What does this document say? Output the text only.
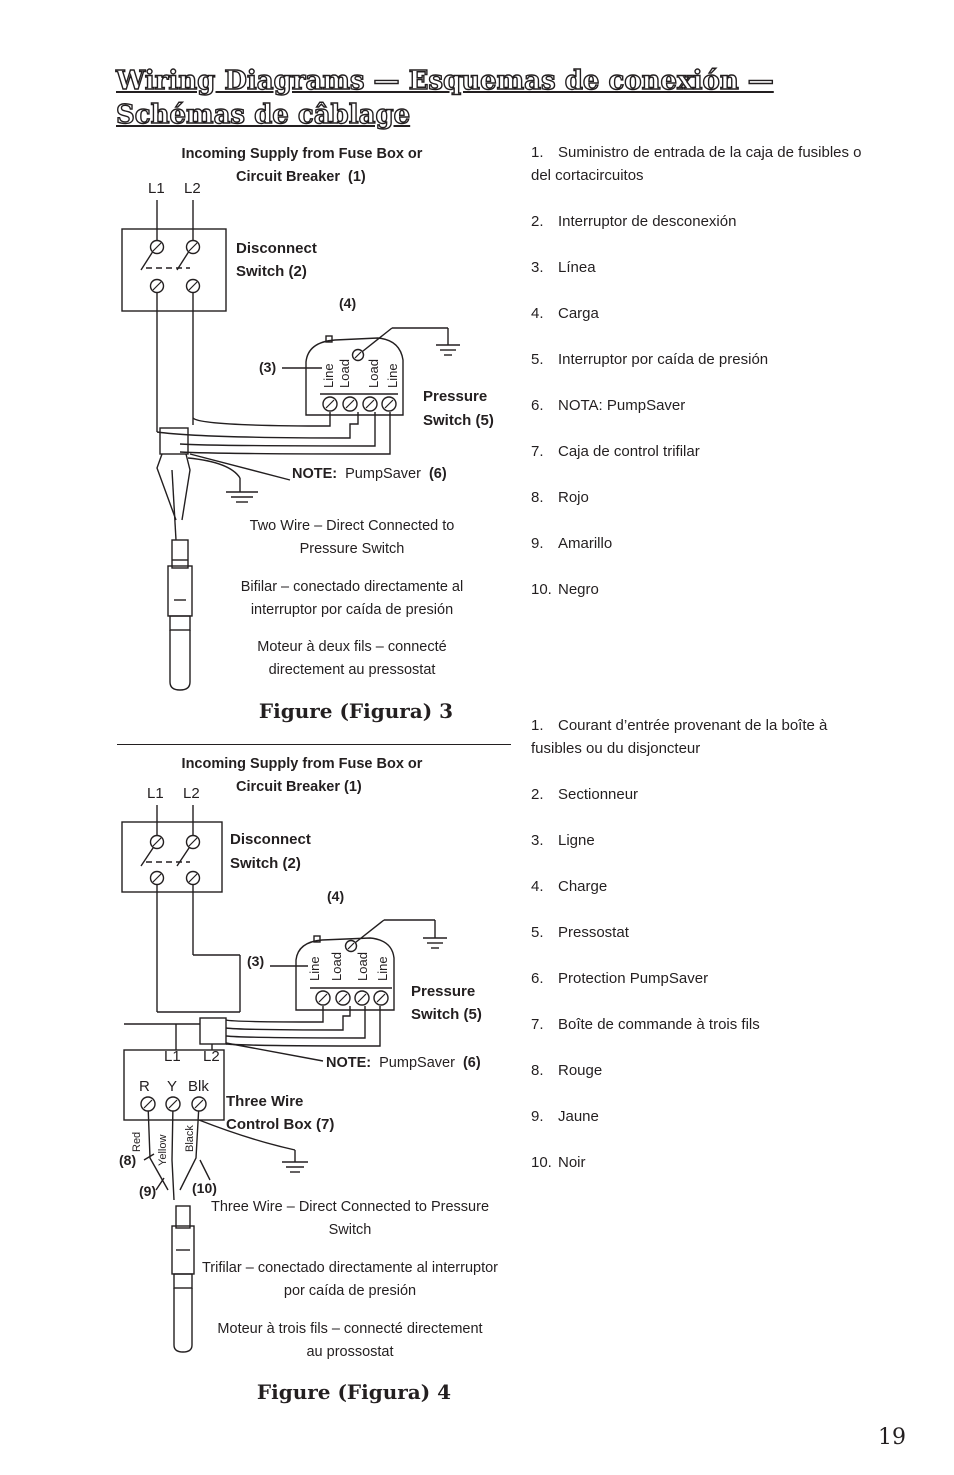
Wiring Diagrams — Esquemas de conexión —
Schémas de câblage
Incoming Supply from Fuse Box or
Circuit Breaker (1)
L1 L2
Disconnect
Switch (2)
(4)
(3)	Line Load Load Line
Pressure
Switch (5)
NOTE: PumpSaver (6)
Two Wire – Direct Connected to
Pressure Switch
Bifilar – conectado directamente al
interruptor por caída de presión
Moteur à deux fils – connecté
directement au pressostat
Figure (Figura) 3
Incoming Supply from Fuse Box or
Circuit Breaker (1)
L1 L2
Disconnect
Switch (2)
(4)
(3)	Line Load Load Line
Pressure
Switch (5)
L1 L2
R Y Blk
Three Wire
Control Box (7)
NOTE: PumpSaver (6)
Red Yellow Black
(8)
(9)	(10)
Three Wire – Direct Connected to Pressure
Switch
Trifilar – conectado directamente al interruptor
por caída de presión
Moteur à trois fils – connecté directement
au prossostat
Figure (Figura) 4
1. Suministro de entrada de la caja de fusibles o del cortacircuitos
2. Interruptor de desconexión
3. Línea
4. Carga
5. Interruptor por caída de presión
6. NOTA: PumpSaver
7. Caja de control trifilar
8. Rojo
9. Amarillo
10. Negro
1. Courant d’entrée provenant de la boîte à fusibles ou du disjoncteur
2. Sectionneur
3. Ligne
4. Charge
5. Pressostat
6. Protection PumpSaver
7. Boîte de commande à trois fils
8. Rouge
9. Jaune
10. Noir
19
